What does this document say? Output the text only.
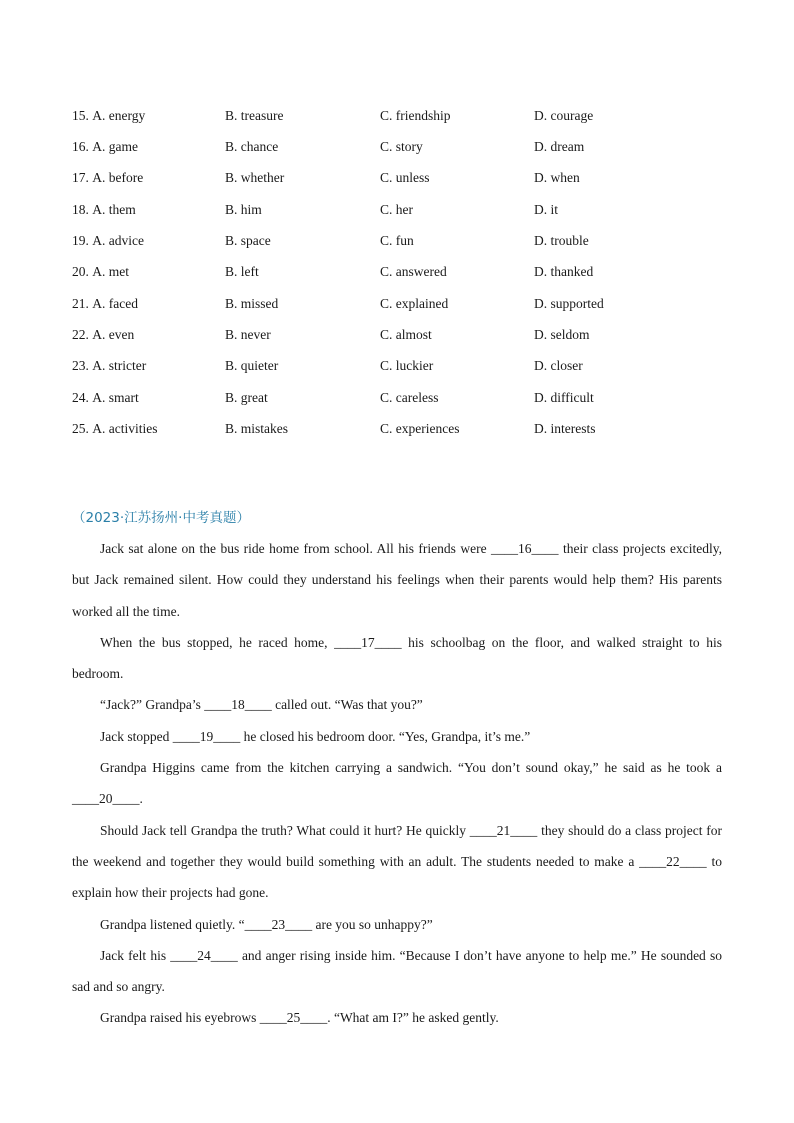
15. A. energy	B. treasure	C. friendship	D. courage
16. A. game	B. chance	C. story	D. dream
17. A. before	B. whether	C. unless	D. when
18. A. them	B. him	C. her	D. it
19. A. advice	B. space	C. fun	D. trouble
20. A. met	B. left	C. answered	D. thanked
21. A. faced	B. missed	C. explained	D. supported
22. A. even	B. never	C. almost	D. seldom
23. A. stricter	B. quieter	C. luckier	D. closer
24. A. smart	B. great	C. careless	D. difficult
25. A. activities	B. mistakes	C. experiences	D. interests
（2023·江苏扬州·中考真题）

Jack sat alone on the bus ride home from school. All his friends were ____16____ their class projects excitedly, but Jack remained silent. How could they understand his feelings when their parents would help them? His parents worked all the time.

When the bus stopped, he raced home, ____17____ his schoolbag on the floor, and walked straight to his bedroom.

“Jack?” Grandpa’s ____18____ called out. “Was that you?”

Jack stopped ____19____ he closed his bedroom door. “Yes, Grandpa, it’s me.”

Grandpa Higgins came from the kitchen carrying a sandwich. “You don’t sound okay,” he said as he took a ____20____.

Should Jack tell Grandpa the truth? What could it hurt? He quickly ____21____ they should do a class project for the weekend and together they would build something with an adult. The students needed to make a ____22____ to explain how their projects had gone.

Grandpa listened quietly. “____23____ are you so unhappy?”

Jack felt his ____24____ and anger rising inside him. “Because I don’t have anyone to help me.” He sounded so sad and so angry.

Grandpa raised his eyebrows ____25____. “What am I?” he asked gently.
